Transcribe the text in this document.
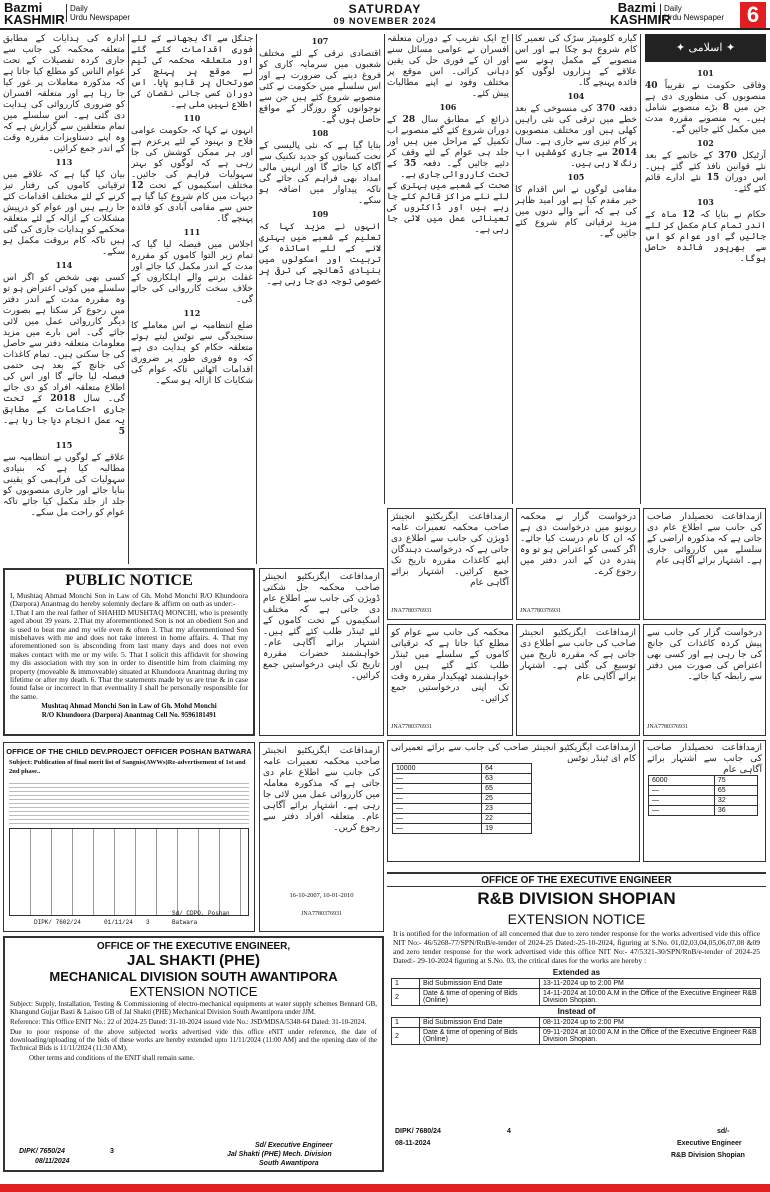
Bazmi
KASHMIR
Daily
Urdu Newspaper
SATURDAY
09 NOVEMBER 2024
Bazmi
KASHMIR
Daily
Urdu Newspaper	6

ادارہ کی ہدایات کے مطابق متعلقہ محکمہ کی جانب سے جاری کردہ تفصیلات کے تحت عوام الناس کو مطلع کیا جاتا ہے کہ مذکورہ معاملات پر غور کیا جا رہا ہے اور متعلقہ افسران کو ضروری کارروائی کی ہدایت دی گئی ہے۔ اس سلسلے میں تمام متعلقین سے گزارش ہے کہ وہ اپنے دستاویزات مقررہ وقت کے اندر جمع کرائیں۔

113

بیان کیا گیا ہے کہ علاقے میں ترقیاتی کاموں کی رفتار تیز کرنے کے لئے مختلف اقدامات کئے جا رہے ہیں اور عوام کو درپیش مشکلات کے ازالہ کے لئے متعلقہ محکمے کو ہدایات جاری کی گئی ہیں تاکہ کام بروقت مکمل ہو سکے۔

114

کسی بھی شخص کو اگر اس سلسلے میں کوئی اعتراض ہو تو وہ مقررہ مدت کے اندر دفتر میں رجوع کر سکتا ہے بصورت دیگر کارروائی عمل میں لائی جائے گی۔ اس بارے میں مزید معلومات متعلقہ دفتر سے حاصل کی جا سکتی ہیں۔ تمام کاغذات کی جانچ کے بعد ہی حتمی فیصلہ لیا جائے گا اور اس کی اطلاع متعلقہ افراد کو دی جائے گی۔ سال 2018 کے تحت جاری احکامات کے مطابق یہ عمل انجام دیا جا رہا ہے۔ 5

115

علاقے کے لوگوں نے انتظامیہ سے مطالبہ کیا ہے کہ بنیادی سہولیات کی فراہمی کو یقینی بنایا جائے اور جاری منصوبوں کو جلد از جلد مکمل کیا جائے تاکہ عوام کو راحت مل سکے۔

جنگل سے آگ بجھانے کے لئے فوری اقدامات کئے گئے اور متعلقہ محکمہ کی ٹیم نے موقع پر پہنچ کر صورتحال پر قابو پایا۔ اس دوران کسی جانی نقصان کی اطلاع نہیں ملی ہے۔

110

انہوں نے کہا کہ حکومت عوامی فلاح و بہبود کے لئے پرعزم ہے اور ہر ممکن کوشش کی جا رہی ہے کہ لوگوں کو بہتر سہولیات فراہم کی جائیں۔ مختلف اسکیموں کے تحت 12 دیہات میں کام شروع کیا گیا ہے جس سے مقامی آبادی کو فائدہ پہنچے گا۔

111

اجلاس میں فیصلہ لیا گیا کہ تمام زیر التوا کاموں کو مقررہ مدت کے اندر مکمل کیا جائے اور غفلت برتنے والے اہلکاروں کے خلاف سخت کارروائی کی جائے گی۔

112

ضلع انتظامیہ نے اس معاملے کا سنجیدگی سے نوٹس لیتے ہوئے متعلقہ حکام کو ہدایت دی ہے کہ وہ فوری طور پر ضروری اقدامات اٹھائیں تاکہ عوام کی شکایات کا ازالہ ہو سکے۔

107

اقتصادی ترقی کے لئے مختلف شعبوں میں سرمایہ کاری کو فروغ دینے کی ضرورت ہے اور اس سلسلے میں حکومت نے کئی منصوبے شروع کئے ہیں جن سے نوجوانوں کو روزگار کے مواقع حاصل ہوں گے۔

108

بتایا گیا ہے کہ نئی پالیسی کے تحت کسانوں کو جدید تکنیک سے آگاہ کیا جائے گا اور انہیں مالی امداد بھی فراہم کی جائے گی تاکہ پیداوار میں اضافہ ہو سکے۔

109

انہوں نے مزید کہا کہ تعلیم کے شعبے میں بہتری لانے کے لئے اساتذہ کی تربیت اور اسکولوں میں بنیادی ڈھانچے کی ترقی پر خصوصی توجہ دی جا رہی ہے۔

آج ایک تقریب کے دوران متعلقہ افسران نے عوامی مسائل سنے اور ان کے فوری حل کی یقین دہانی کرائی۔ اس موقع پر مختلف وفود نے اپنے مطالبات پیش کئے۔

106

ذرائع کے مطابق سال 28 کے دوران شروع کئے گئے منصوبے اب تکمیل کے مراحل میں ہیں اور جلد ہی عوام کے لئے وقف کر دئیے جائیں گے۔ دفعہ 35 کے تحت کارروائی جاری ہے۔

صحت کے شعبے میں بہتری کے لئے نئے مراکز قائم کئے جا رہے ہیں اور ڈاکٹروں کی تعیناتی عمل میں لائی جا رہی ہے۔

گیارہ کلومیٹر سڑک کی تعمیر کا کام شروع ہو چکا ہے اور اس منصوبے کے مکمل ہونے سے علاقے کے ہزاروں لوگوں کو فائدہ پہنچے گا۔

104

دفعہ 370 کی منسوخی کے بعد خطے میں ترقی کی نئی راہیں کھلی ہیں اور مختلف منصوبوں پر کام تیزی سے جاری ہے۔ سال 2014 سے جاری کوششیں اب رنگ لا رہی ہیں۔

105

مقامی لوگوں نے اس اقدام کا خیر مقدم کیا ہے اور امید ظاہر کی ہے کہ آنے والے دنوں میں مزید ترقیاتی کام شروع کئے جائیں گے۔

✦ اسلامی ✦
101

وفاقی حکومت نے تقریباً 40 منصوبوں کی منظوری دی ہے جن میں 8 بڑے منصوبے شامل ہیں۔ یہ منصوبے مقررہ مدت میں مکمل کئے جائیں گے۔

102

آرٹیکل 370 کے خاتمے کے بعد نئے قوانین نافذ کئے گئے ہیں۔ اس دوران 15 نئے ادارے قائم کئے گئے۔

103

حکام نے بتایا کہ 12 ماہ کے اندر تمام کام مکمل کر لئے جائیں گے اور عوام کو اس سے بھرپور فائدہ حاصل ہوگا۔

ازمدافاعت ایگزیکٹیو انجینئر صاحب محکمہ تعمیرات عامہ ڈویژن کی جانب سے اطلاع دی جاتی ہے کہ درخواست دہندگان اپنے کاغذات مقررہ تاریخ تک جمع کرائیں۔ اشتہار برائے آگاہی عام
JNA7780376931
درخواست گزار نے محکمہ ریونیو میں درخواست دی ہے کہ ان کا نام درست کیا جائے۔ اگر کسی کو اعتراض ہو تو وہ پندرہ دن کے اندر دفتر میں رجوع کرے۔
JNA7780376931
ازمدافاعت تحصیلدار صاحب کی جانب سے اطلاع عام دی جاتی ہے کہ مذکورہ اراضی کے سلسلے میں کارروائی جاری ہے۔ اشتہار برائے آگاہی عام
محکمہ کی جانب سے عوام کو مطلع کیا جاتا ہے کہ ترقیاتی کاموں کے سلسلے میں ٹینڈر طلب کئے گئے ہیں اور خواہشمند ٹھیکیدار مقررہ وقت تک اپنی درخواستیں جمع کرائیں۔
JNA7780376931
ازمدافاعت ایگزیکٹیو انجینئر صاحب کی جانب سے اطلاع دی جاتی ہے کہ مقررہ تاریخ میں توسیع کی گئی ہے۔ اشتہار برائے آگاہی عام
درخواست گزار کی جانب سے پیش کردہ کاغذات کی جانچ کی جا رہی ہے اور کسی بھی اعتراض کی صورت میں دفتر سے رابطہ کیا جائے۔
JNA7780376931
ازمدافاعت ایگزیکٹیو انجینئر صاحب کی جانب سے برائے تعمیراتی کام ای ٹینڈر نوٹس
10000	64
—	63
—	65
—	25
—	23
—	22
—	19
ازمدافاعت تحصیلدار صاحب کی جانب سے اشتہار برائے آگاہی عام
6000	75
—	65
—	32
—	36
ازمدافاعت ایگزیکٹیو انجینئر صاحب محکمہ جل شکتی ڈویژن کی جانب سے اطلاع عام دی جاتی ہے کہ مختلف اسکیموں کے تحت کاموں کے لئے ٹینڈر طلب کئے گئے ہیں۔ اشتہار برائے آگاہی عام۔ خواہشمند حضرات مقررہ تاریخ تک اپنی درخواستیں جمع کرائیں۔
PUBLIC NOTICE
I, Mushtaq Ahmad Monchi Son in Law of Gh. Mohd Monchi R/O Khundoora (Darpora) Anantnag do hereby solemnly declare & affirm on oath as under:-
1.That I am the real father of SHAHID MUSHTAQ MONCHI, who is presently aged about 39 years. 2.That my aforementioned Son is not an obedient Son and is used to beat me and my wife even & often 3. That my aforementioned Son misbehaves with me and does not take interest in home affairs. 4. That my aforementioned son is absconding from last many days and does not even makes contact with me or my wife. 5. That I solicit this affidavit for showing my dis association with my son in order to disentitle him from claiming my property (moveable & immoveable) situated at Khundoora Anantnag during my lifetime or after my death. 6. That the statements made by us are true & in case found false or incorrect in that eventuality I shall be personally responsible for the same.
Mushtaq Ahmad Monchi Son in Law of Gh. Mohd Monchi
R/O Khundoora (Darpora) Anantnag Cell No. 9596181491
OFFICE OF THE CHILD DEV.PROJECT OFFICER POSHAN BATWARA
Subject: Publication of final merit list of Sangnis(AWWs)Re-advertisement of 1st and 2nd phase..
DIPK/ 7602/24	01/11/24 3
Sd/ CDPO, Poshan Batwara
ازمدافاعت ایگزیکٹیو انجینئر صاحب محکمہ تعمیرات عامہ کی جانب سے اطلاع عام دی جاتی ہے کہ مذکورہ معاملہ میں کارروائی عمل میں لائی جا رہی ہے۔ اشتہار برائے آگاہی عام۔ متعلقہ افراد دفتر سے رجوع کریں۔
16-10-2007, 10-01-2010
JNA7780376931
OFFICE OF THE EXECUTIVE ENGINEER
R&B DIVISION SHOPIAN
EXTENSION NOTICE
It is notified for the information of all concerned that due to zero tender response for the works advertised vide this office NIT No:- 46/5268-77/SPN/RnB/e-tender of 2024-25 Dated:-25-10-2024, figuring at S.No. 01,02,03,04,05,06,07,08 &09 and zero tender response for the work advertised vide this office NIT No:- 47/5321-30/SPN/RnB/e-tender of 2024-25 Dated:- 29-10-2024 figuring at S.No. 03, the critical dates for the works are hereby :
Extended as
1	Bid Submission End Date	13-11-2024 up to 2:00 PM
2	Date & time of opening of Bids (Online)	14-11-2024 at 10:00 A.M in the Office of the Executive Engineer R&B Division Shopian.
Instead of
1	Bid Submission End Date	08-11-2024 up to 2:00 PM
2	Date & time of opening of Bids (Online)	09-11-2024 at 10:00 A.M in the Office of the Executive Engineer R&B Division Shopian.
DIPK/ 7680/24
08-11-2024
4	sd/-
Executive Engineer
R&B Division Shopian
OFFICE OF THE EXECUTIVE ENGINEER,
JAL SHAKTI (PHE)
MECHANICAL DIVISION SOUTH AWANTIPORA
EXTENSION NOTICE
Subject: Supply, Installation, Testing & Commissioning of electro-mechanical equipments at water supply schemes Bennard GB, Khangund Gujjar Basti & Laisoo GB of Jal Shakti (PHE) Mechanical Division South Awantipora under JJM.
Reference: This Office ENIT No.: 22 of 2024-25 Dated: 31-10-2024 issued vide No.: JSD/MDSA/5348-64 Dated: 31-10-2024.
Due to poor response of the above subjected works advertised vide this office eNIT under reference, the date of downloading/uploading of the bids of these works are hereby extended upto 11/11/2024 (11:00 AM) and the opening date of the Technical Bids is 11/11/2024 (11:30 AM).
Other terms and conditions of the ENIT shall remain same.
DIPK/ 7650/24
08/11/2024
3
Sd/ Executive Engineer
Jal Shakti (PHE) Mech. Division
South Awantipora
